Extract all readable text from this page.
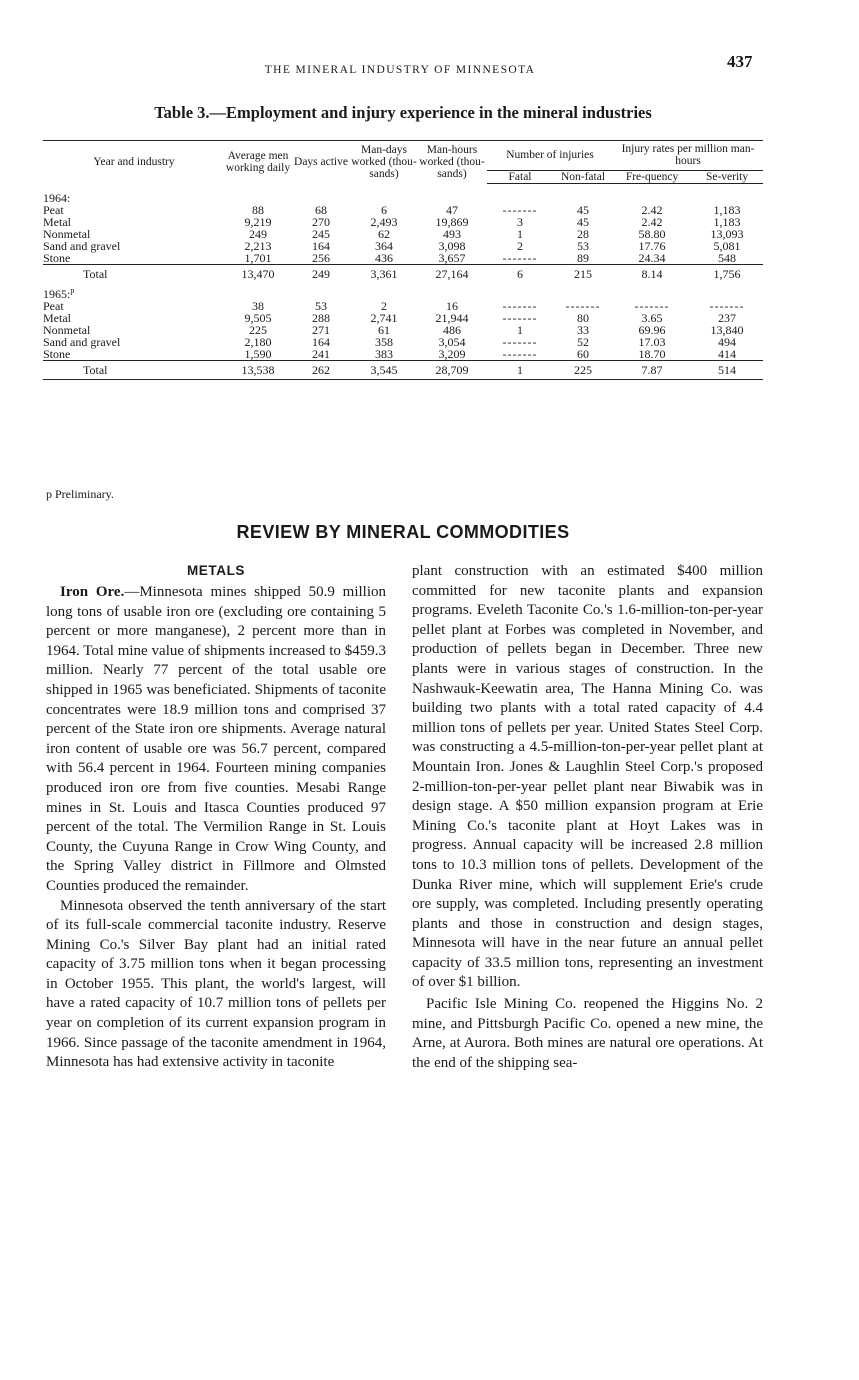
THE MINERAL INDUSTRY OF MINNESOTA	437
Table 3.—Employment and injury experience in the mineral industries
Year and industry	Average men working daily	Days active	Man-days worked (thou-sands)	Man-hours worked (thou-sands)	Number of injuries		Injury rates per million man-hours	
					Fatal	Non-fatal	Fre-quency	Se-verity

1964:								
Peat	88	68	6	47	-------	45	2.42	1,183
Metal	9,219	270	2,493	19,869	3	45	2.42	1,183
Nonmetal	249	245	62	493	1	28	58.80	13,093
Sand and gravel	2,213	164	364	3,098	2	53	17.76	5,081
Stone	1,701	256	436	3,657	-------	89	24.34	548
Total	13,470	249	3,361	27,164	6	215	8.14	1,756
1965:$^p$
Peat	38	53	2	16	-------	-------	-------	-------
Metal	9,505	288	2,741	21,944	-------	80	3.65	237
Nonmetal	225	271	61	486	1	33	69.96	13,840
Sand and gravel	2,180	164	358	3,054	-------	52	17.03	494
Stone	1,590	241	383	3,209	-------	60	18.70	414
Total	13,538	262	3,545	28,709	1	225	7.87	514
p Preliminary.
REVIEW BY MINERAL COMMODITIES
METALS

Iron Ore.—Minnesota mines shipped 50.9 million long tons of usable iron ore (excluding ore containing 5 percent or more manganese), 2 percent more than in 1964. Total mine value of shipments increased to $459.3 million. Nearly 77 percent of the total usable ore shipped in 1965 was beneficiated. Shipments of taconite concentrates were 18.9 million tons and comprised 37 percent of the State iron ore shipments. Average natural iron content of usable ore was 56.7 percent, compared with 56.4 percent in 1964. Fourteen mining companies produced iron ore from five counties. Mesabi Range mines in St. Louis and Itasca Counties produced 97 percent of the total. The Vermilion Range in St. Louis County, the Cuyuna Range in Crow Wing County, and the Spring Valley district in Fillmore and Olmsted Counties produced the remainder.

Minnesota observed the tenth anniversary of the start of its full-scale commercial taconite industry. Reserve Mining Co.'s Silver Bay plant had an initial rated capacity of 3.75 million tons when it began processing in October 1955. This plant, the world's largest, will have a rated capacity of 10.7 million tons of pellets per year on completion of its current expansion program in 1966. Since passage of the taconite amendment in 1964, Minnesota has had extensive activity in taconite

plant construction with an estimated $400 million committed for new taconite plants and expansion programs. Eveleth Taconite Co.'s 1.6-million-ton-per-year pellet plant at Forbes was completed in November, and production of pellets began in December. Three new plants were in various stages of construction. In the Nashwauk-Keewatin area, The Hanna Mining Co. was building two plants with a total rated capacity of 4.4 million tons of pellets per year. United States Steel Corp. was constructing a 4.5-million-ton-per-year pellet plant at Mountain Iron. Jones & Laughlin Steel Corp.'s proposed 2-million-ton-per-year pellet plant near Biwabik was in design stage. A $50 million expansion program at Erie Mining Co.'s taconite plant at Hoyt Lakes was in progress. Annual capacity will be increased 2.8 million tons to 10.3 million tons of pellets. Development of the Dunka River mine, which will supplement Erie's crude ore supply, was completed. Including presently operating plants and those in construction and design stages, Minnesota will have in the near future an annual pellet capacity of 33.5 million tons, representing an investment of over $1 billion.

Pacific Isle Mining Co. reopened the Higgins No. 2 mine, and Pittsburgh Pacific Co. opened a new mine, the Arne, at Aurora. Both mines are natural ore operations. At the end of the shipping sea-
